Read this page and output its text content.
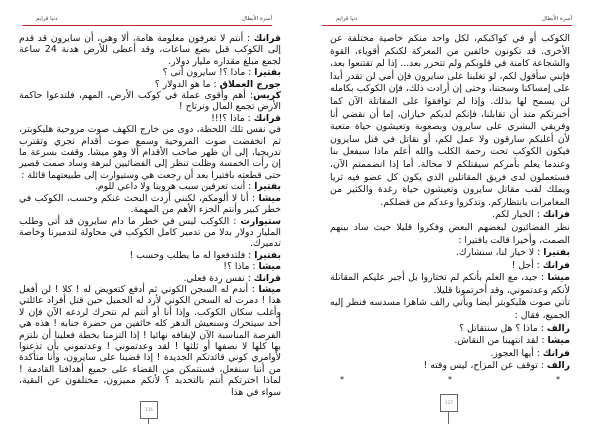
أسرة الأبطال
دنيا قرايم

فرانك : أنتم لا تعرفون معلومة هامة، ألا وهي، أن سايرون قد قدم إلى الكوكب قبل بضع ساعات، وقد أعطى للأرض هدنة 24 ساعة لجمع مبلغ مقداره مليار دولار.

بفتيرا : ماذا ؟! سايرون أتى ؟

جورج العملاق : ما هو الدولار ؟

كريس: أهم وأقوى عملة في كوكب الأرض، المهم، فلتدعوا حاكمة الأرض تجمع المال ونرتاح !

فرانك : ماذا ؟!!!

في نفس تلك اللحظة، دوى من خارج الكهف صوت مروحية هليكوبتر، ثم انخفضت صوت المروحية وسمع صوت أقدام تجري وتقترب تدريجيا، إلى أن ظهر صاحب الأقدام ألا وهو ميشا. وقفت بسرعة ما إن رأت الخمسة وظلت تنظر إلى الفضائيين لبرهة وساد صمت قصير حتى قطعته بافتيرا بعد أن رجعت هي وستيوارت إلى طبيعتهما قائلة :

بفتيرا : أنت تعرفين سبب هروبنا ولا داعي للوم.

ميشا : أنا لا ألومكم، لكنني أردت البحث عنكم وحسب، الكوكب في خطر كبير وأنتم الجزء الأهم من المهمة.

ستيوارت : الكوكب ليس في خطر ما دام سايرون قد أتى وطلب المليار دولار بدلا من تدمير كامل الكوكب في محاولة لتدميرنا وخاصة تدميرك.

بفتيرا : فلتدفعوا له ما يطلب وحسب !

ميشا : ماذا ؟!

فرانك : نفس ردة فعلي.

ميشا : أندم له السجن الكوني ثم أدفع كتعويض له ! كلا ! لن أفعل هذا ! دمرت له السجن الكوني لأرد له الجميل حين قتل أفراد عائلتي وأغلب سكان الكوكب. وإذا أنا أو أنتم لم نتحرك لردعه الآن فإن لا أحد سيتحرك وسنعيش الدهر كله خائفين من حضرة جنابه ! هذه هي الفرصة المناسبة الآن لإيقافه نهائيا ! إذا التزمنا بخطة فعلينا أن نلتزم بها كلها لا نصفها أو ثلثها ! لقد وعدتموني ! وعدتموني بأن تذعنوا لأوامري كوني قائدتكم الجديدة ! إذا قضينا على سايرون، وأنا متأكدة من أننا سنفعل، فسنتمكن من القضاء على جميع أهدافنا القادمة ! لماذا اخترتكم أنتم بالتحديد ؟ لأنكم مميزون، مختلفون عن البقية، سواء في هذا

116
أسرة الأبطال
دنيا قرايم

الكوكب أو في كواكبكم، لكل واحد منكم خاصية مختلفة عن الأخرى. قد تكونون خائفين من المعركة لكنكم أقوياء، القوة والشجاعة كامنة في قلوبكم ولم تتحرر بعد... إذا لم تقتنعوا بعد، فإنني سأقول لكم، لو تغلبنا على سايرون فإن أمي لن تقدر أبدا على إمساكنا وسجننا، وحتى إن أرادت ذلك، فإن الكوكب بكامله لن يسمح لها بذلك. وإذا لم توافقوا على المقاتلة الآن كما أخبرتكم منذ أن تقابلنا، فإنكم لديكم خياران، إما أن نقضي أنا وفريقي البشري على سايرون وبصعوبة وتعيشون حياة متعبة لأن أغلبكم سارقون ولا عمل لكم، أو نقاتل في قتل سايرون فيكون الكوكب تحت رحمة الكلب والله أعلم ماذا سيفعل بنا وعندما يعلم بأمركم سيقتلكم لا محالة. أما إذا انضممتم الآن، فستعملون لدى فريق المقاتلين الذي يكون كل عضو فيه ثريا ويملك لقب مقاتل سايرون وتعيشون حياة رغدة والكثير من المغامرات بانتظاركم. وتذكروا وعدكم من فضلكم.

فرانك : الخيار لكم.

نظر الفضائيون لبعضهم البعض وفكروا قليلا حيث ساد بينهم الصمت، وأخيرا قالت بافتيرا :

بفتيرا : لا خيار لنا، سنشارك.

فرانك : أجل !

ميشا : جيد، مع العلم بأنكم لم تختاروا بل أجبر عليكم المقاتلة لأنكم وعدتموني، وقد أخرتمونا قليلا.

تأتي صوت هليكوبتر أيضا ويأتي رالف شاهرا مسدسه فنظر إليه الجميع، فقال :

رالف : ماذا ؟ هل سنتقاتل ؟

ميشا : لقد انتهينا من النقاش.

فرانك : أيها العجوز.

رالف : توقف عن المزاح، ليس وقته !

*
*
*
117
